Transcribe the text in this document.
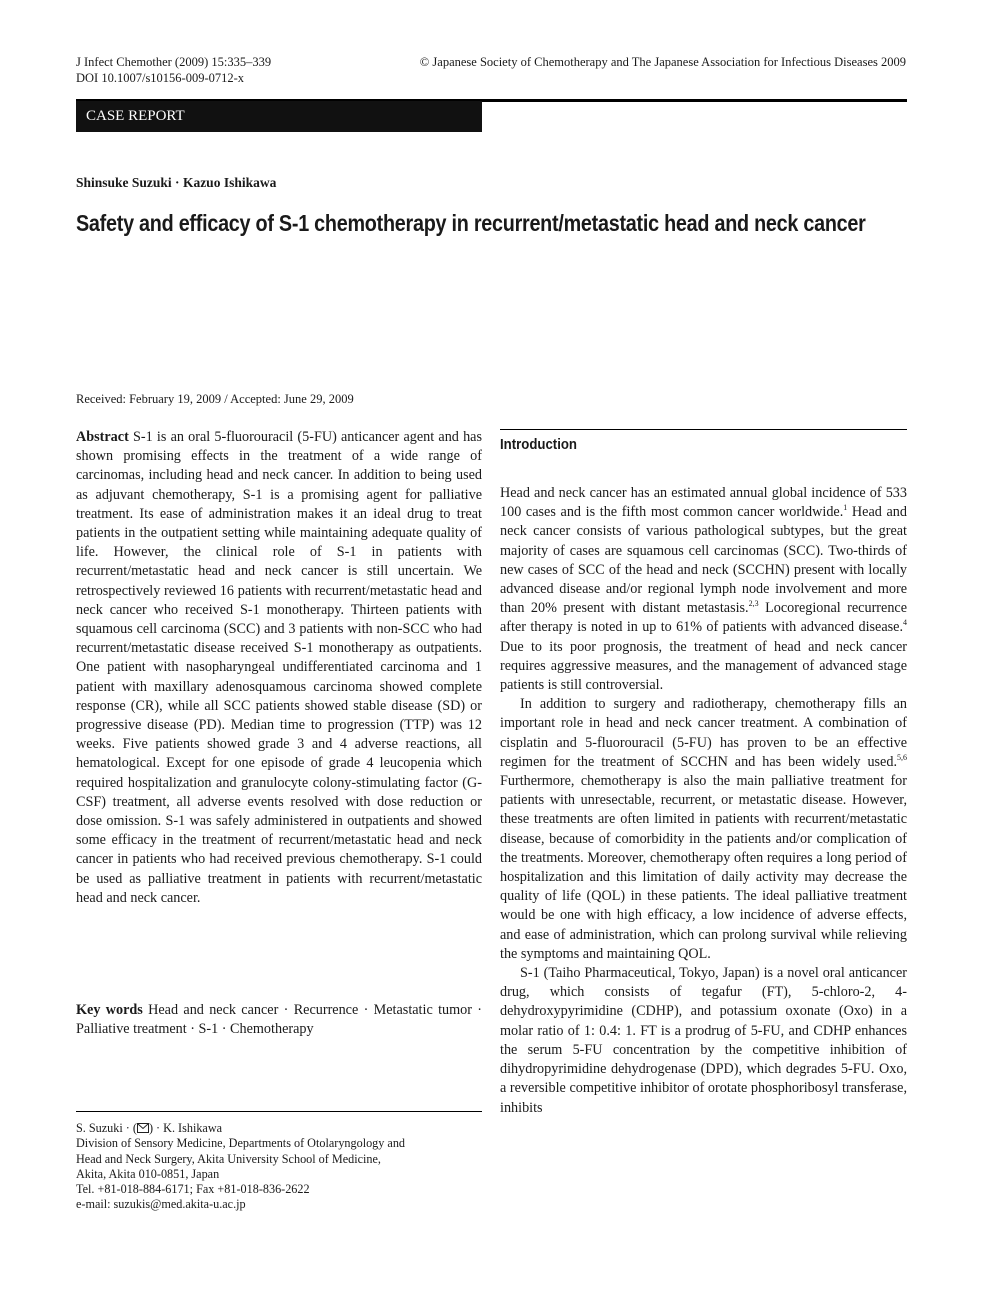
J Infect Chemother (2009) 15:335–339
DOI 10.1007/s10156-009-0712-x
© Japanese Society of Chemotherapy and The Japanese Association for Infectious Diseases 2009
CASE REPORT
Shinsuke Suzuki · Kazuo Ishikawa
Safety and efficacy of S-1 chemotherapy in recurrent/metastatic head and neck cancer
Received: February 19, 2009 / Accepted: June 29, 2009

Abstract S-1 is an oral 5-fluorouracil (5-FU) anticancer agent and has shown promising effects in the treatment of a wide range of carcinomas, including head and neck cancer. In addition to being used as adjuvant chemotherapy, S-1 is a promising agent for palliative treatment. Its ease of administration makes it an ideal drug to treat patients in the outpatient setting while maintaining adequate quality of life. However, the clinical role of S-1 in patients with recurrent/metastatic head and neck cancer is still uncertain. We retrospectively reviewed 16 patients with recurrent/metastatic head and neck cancer who received S-1 monotherapy. Thirteen patients with squamous cell carcinoma (SCC) and 3 patients with non-SCC who had recurrent/metastatic disease received S-1 monotherapy as outpatients. One patient with nasopharyngeal undifferentiated carcinoma and 1 patient with maxillary adenosquamous carcinoma showed complete response (CR), while all SCC patients showed stable disease (SD) or progressive disease (PD). Median time to progression (TTP) was 12 weeks. Five patients showed grade 3 and 4 adverse reactions, all hematological. Except for one episode of grade 4 leucopenia which required hospitalization and granulocyte colony-stimulating factor (G-CSF) treatment, all adverse events resolved with dose reduction or dose omission. S-1 was safely administered in outpatients and showed some efficacy in the treatment of recurrent/metastatic head and neck cancer in patients who had received previous chemotherapy. S-1 could be used as palliative treatment in patients with recurrent/metastatic head and neck cancer.

Key words Head and neck cancer · Recurrence · Metastatic tumor · Palliative treatment · S-1 · Chemotherapy

S. Suzuki · ( ) · K. Ishikawa
Division of Sensory Medicine, Departments of Otolaryngology and
Head and Neck Surgery, Akita University School of Medicine,
Akita, Akita 010-0851, Japan
Tel. +81-018-884-6171; Fax +81-018-836-2622
e-mail: suzukis@med.akita-u.ac.jp
Introduction

Head and neck cancer has an estimated annual global incidence of 533 100 cases and is the fifth most common cancer worldwide.$^1$ Head and neck cancer consists of various pathological subtypes, but the great majority of cases are squamous cell carcinomas (SCC). Two-thirds of new cases of SCC of the head and neck (SCCHN) present with locally advanced disease and/or regional lymph node involvement and more than 20% present with distant metastasis.$^{2,3}$ Locoregional recurrence after therapy is noted in up to 61% of patients with advanced disease.$^4$ Due to its poor prognosis, the treatment of head and neck cancer requires aggressive measures, and the management of advanced stage patients is still controversial.

In addition to surgery and radiotherapy, chemotherapy fills an important role in head and neck cancer treatment. A combination of cisplatin and 5-fluorouracil (5-FU) has proven to be an effective regimen for the treatment of SCCHN and has been widely used.$^{5,6}$ Furthermore, chemotherapy is also the main palliative treatment for patients with unresectable, recurrent, or metastatic disease. However, these treatments are often limited in patients with recurrent/metastatic disease, because of comorbidity in the patients and/or complication of the treatments. Moreover, chemotherapy often requires a long period of hospitalization and this limitation of daily activity may decrease the quality of life (QOL) in these patients. The ideal palliative treatment would be one with high efficacy, a low incidence of adverse effects, and ease of administration, which can prolong survival while relieving the symptoms and maintaining QOL.

S-1 (Taiho Pharmaceutical, Tokyo, Japan) is a novel oral anticancer drug, which consists of tegafur (FT), 5-chloro-2, 4-dehydroxypyrimidine (CDHP), and potassium oxonate (Oxo) in a molar ratio of 1: 0.4: 1. FT is a prodrug of 5-FU, and CDHP enhances the serum 5-FU concentration by the competitive inhibition of dihydropyrimidine dehydrogenase (DPD), which degrades 5-FU. Oxo, a reversible competitive inhibitor of orotate phosphoribosyl transferase, inhibits
